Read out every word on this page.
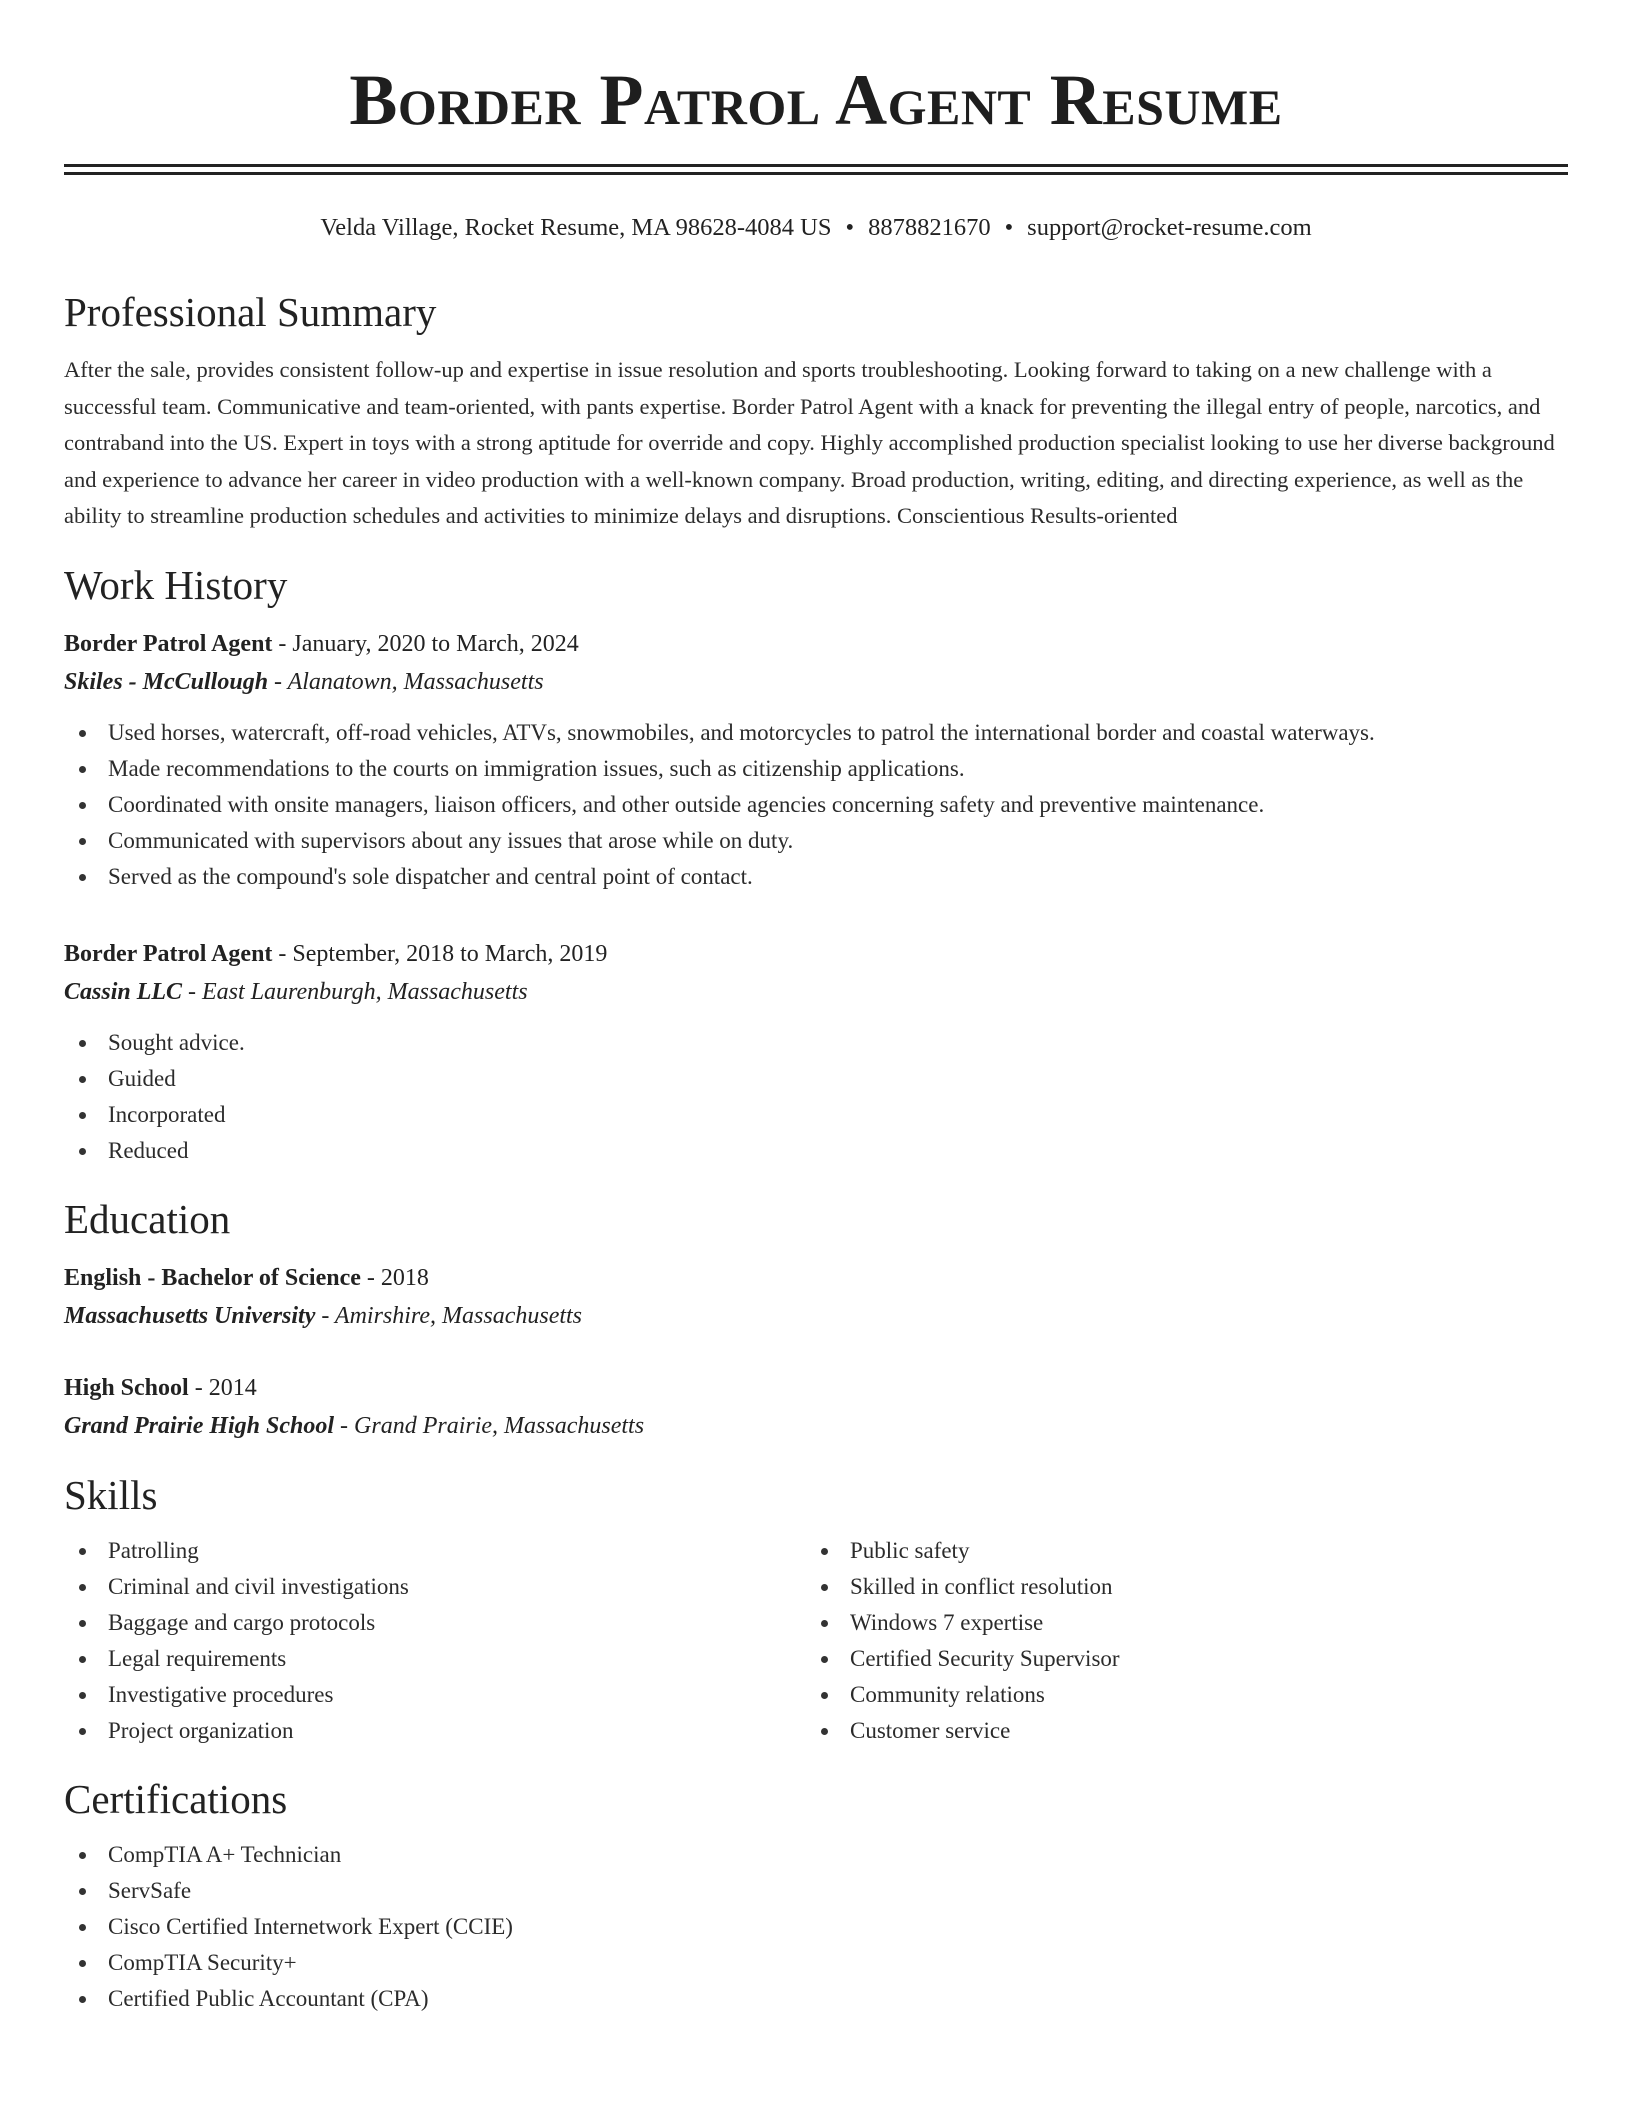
Border Patrol Agent Resume
Velda Village, Rocket Resume, MA 98628-4084 US • 8878821670 • support@rocket-resume.com
Professional Summary
After the sale, provides consistent follow-up and expertise in issue resolution and sports troubleshooting. Looking forward to taking on a new challenge with a successful team. Communicative and team-oriented, with pants expertise. Border Patrol Agent with a knack for preventing the illegal entry of people, narcotics, and contraband into the US. Expert in toys with a strong aptitude for override and copy. Highly accomplished production specialist looking to use her diverse background and experience to advance her career in video production with a well-known company. Broad production, writing, editing, and directing experience, as well as the ability to streamline production schedules and activities to minimize delays and disruptions. Conscientious Results-oriented
Work History
Border Patrol Agent - January, 2020 to March, 2024
Skiles - McCullough - Alanatown, Massachusetts
Used horses, watercraft, off-road vehicles, ATVs, snowmobiles, and motorcycles to patrol the international border and coastal waterways.
Made recommendations to the courts on immigration issues, such as citizenship applications.
Coordinated with onsite managers, liaison officers, and other outside agencies concerning safety and preventive maintenance.
Communicated with supervisors about any issues that arose while on duty.
Served as the compound's sole dispatcher and central point of contact.
Border Patrol Agent - September, 2018 to March, 2019
Cassin LLC - East Laurenburgh, Massachusetts
Sought advice.
Guided
Incorporated
Reduced
Education
English - Bachelor of Science - 2018
Massachusetts University - Amirshire, Massachusetts
High School - 2014
Grand Prairie High School - Grand Prairie, Massachusetts
Skills
Patrolling
Criminal and civil investigations
Baggage and cargo protocols
Legal requirements
Investigative procedures
Project organization
Public safety
Skilled in conflict resolution
Windows 7 expertise
Certified Security Supervisor
Community relations
Customer service
Certifications
CompTIA A+ Technician
ServSafe
Cisco Certified Internetwork Expert (CCIE)
CompTIA Security+
Certified Public Accountant (CPA)
